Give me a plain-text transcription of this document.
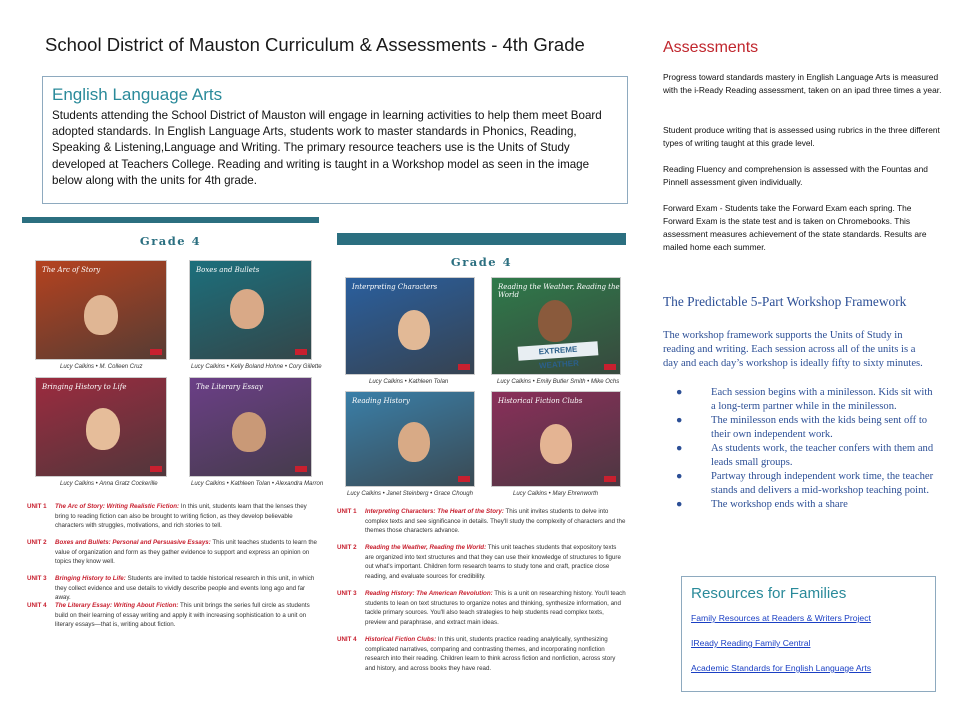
School District of Mauston Curriculum & Assessments - 4th Grade
English Language Arts

Students attending the School District of Mauston will engage in learning activities to help them meet Board adopted standards. In English Language Arts, students work to master standards in Phonics, Reading, Speaking & Listening,Language and Writing. The primary resource teachers use is the Units of Study developed at Teachers College. Reading and writing is taught in a Workshop model as seen in the image below along with the units for 4th grade.

Grade 4
The Arc of Story
Lucy Calkins • M. Colleen Cruz
Boxes and Bullets
Lucy Calkins • Kelly Boland Hohne • Cory Gillette
Bringing History to Life
Lucy Calkins • Anna Gratz Cockerille
The Literary Essay
Lucy Calkins • Kathleen Tolan • Alexandra Marron
UNIT 1 The Arc of Story: Writing Realistic Fiction: In this unit, students learn that the lenses they bring to reading fiction can also be brought to writing fiction, as they develop believable characters with struggles, motivations, and rich stories to tell.
UNIT 2 Boxes and Bullets: Personal and Persuasive Essays: This unit teaches students to learn the value of organization and form as they gather evidence to support and express an opinion on topics they know well.
UNIT 3 Bringing History to Life: Students are invited to tackle historical research in this unit, in which they collect evidence and use details to vividly describe people and events long ago and far away.
UNIT 4 The Literary Essay: Writing About Fiction: This unit brings the series full circle as students build on their learning of essay writing and apply it with increasing sophistication to a unit on literary essays—that is, writing about fiction.
Grade 4
Interpreting Characters
Lucy Calkins • Kathleen Tolan
EXTREME WEATHER
Reading the Weather, Reading the World
Lucy Calkins • Emily Butler Smith • Mike Ochs
Reading History
Lucy Calkins • Janet Steinberg • Grace Chough
Historical Fiction Clubs
Lucy Calkins • Mary Ehrenworth
UNIT 1 Interpreting Characters: The Heart of the Story: This unit invites students to delve into complex texts and see significance in details. They'll study the complexity of characters and the themes those characters advance.
UNIT 2 Reading the Weather, Reading the World: This unit teaches students that expository texts are organized into text structures and that they can use their knowledge of structures to figure out what's important. Children form research teams to study tone and craft, practice close reading, and evaluate sources for credibility.
UNIT 3 Reading History: The American Revolution: This is a unit on researching history. You'll teach students to lean on text structures to organize notes and thinking, synthesize information, and tackle primary sources. You'll also teach strategies to help students read complex texts, preview and paraphrase, and extract main ideas.
UNIT 4 Historical Fiction Clubs: In this unit, students practice reading analytically, synthesizing complicated narratives, comparing and contrasting themes, and incorporating nonfiction research into their reading. Children learn to think across fiction and nonfiction, across story and history, and across books they have read.
Assessments

Progress toward standards mastery in English Language Arts is measured with the i-Ready Reading assessment, taken on an ipad three times a year.

Student produce writing that is assessed using rubrics in the three different types of writing taught at this grade level.

Reading Fluency and comprehension is assessed with the Fountas and Pinnell assessment given individually.

Forward Exam - Students take the Forward Exam each spring. The Forward Exam is the state test and is taken on Chromebooks. This assessment measures achievement of the state standards. Results are mailed home each summer.

The Predictable 5-Part Workshop Framework

The workshop framework supports the Units of Study in reading and writing. Each session across all of the units is a day and each day’s workshop is ideally fifty to sixty minutes.

●	Each session begins with a minilesson. Kids sit with a long-term partner while in the minilesson.
●	The minilesson ends with the kids being sent off to their own independent work.
●	As students work, the teacher confers with them and leads small groups.
●	Partway through independent work time, the teacher stands and delivers a mid-workshop teaching point.
●	The workshop ends with a share
Resources for Families
Family Resources at Readers & Writers Project
IReady Reading Family Central
Academic Standards for English Language Arts
